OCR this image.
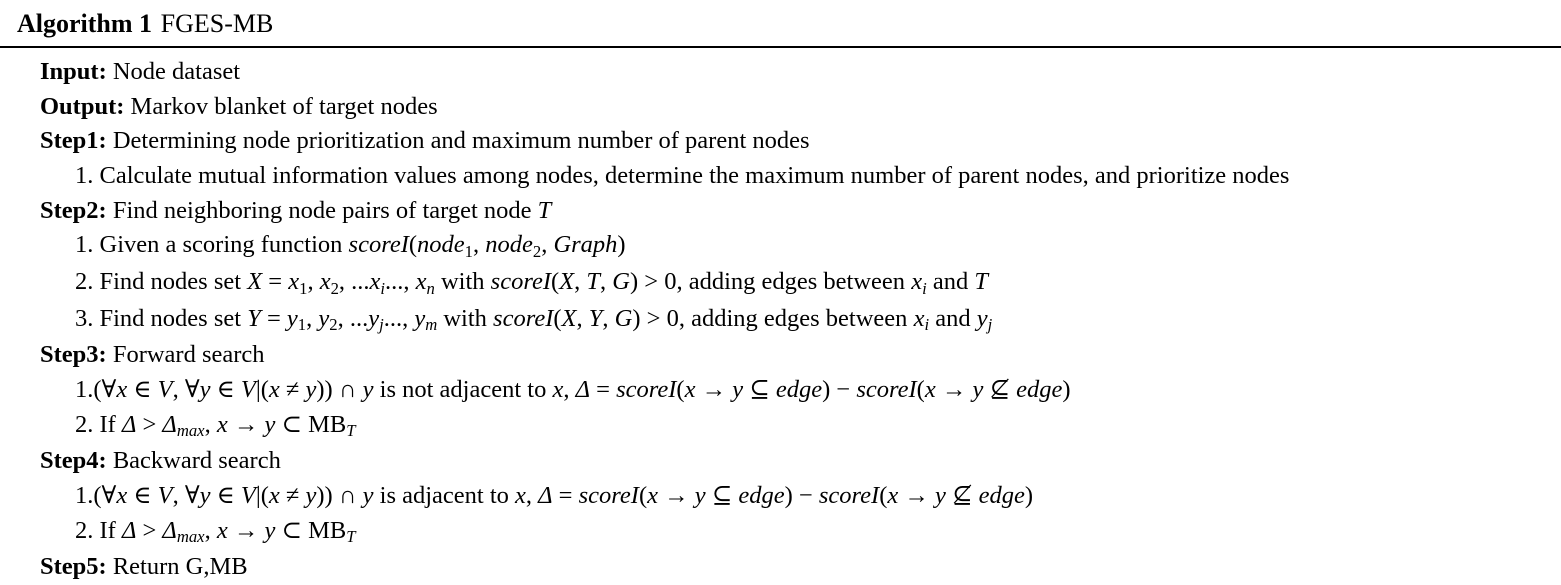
Algorithm 1 FGES-MB
Input: Node dataset
Output: Markov blanket of target nodes
Step1: Determining node prioritization and maximum number of parent nodes
1. Calculate mutual information values among nodes, determine the maximum number of parent nodes, and prioritize nodes
Step2: Find neighboring node pairs of target node T
1. Given a scoring function scoreI(node1, node2, Graph)
2. Find nodes set X = x1, x2, ...xi..., xn with scoreI(X, T, G) > 0, adding edges between xi and T
3. Find nodes set Y = y1, y2, ...yj..., ym with scoreI(X, Y, G) > 0, adding edges between xi and yj
Step3: Forward search
1.(∀x ∈ V, ∀y ∈ V|(x ≠ y)) ∩ y is not adjacent to x, Δ = scoreI(x → y ⊆ edge) − scoreI(x → y ⊈ edge)
2. If Δ > Δmax, x → y ⊂ MBT
Step4: Backward search
1.(∀x ∈ V, ∀y ∈ V|(x ≠ y)) ∩ y is adjacent to x, Δ = scoreI(x → y ⊆ edge) − scoreI(x → y ⊈ edge)
2. If Δ > Δmax, x → y ⊂ MBT
Step5: Return G,MB
